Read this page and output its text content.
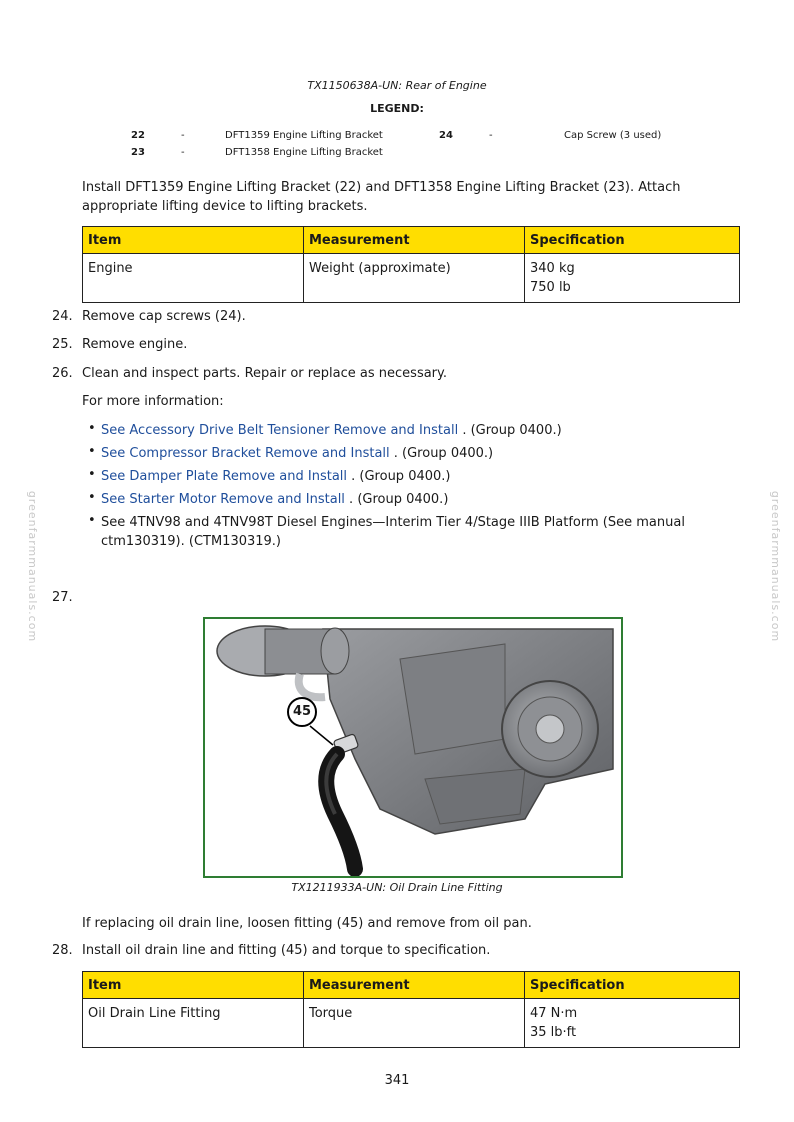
greenfarmmanuals.com	greenfarmmanuals.com
TX1150638A-UN: Rear of Engine
LEGEND:
22	-	DFT1359 Engine Lifting Bracket
23	-	DFT1358 Engine Lifting Bracket
24	-	Cap Screw (3 used)
Install DFT1359 Engine Lifting Bracket (22) and DFT1358 Engine Lifting Bracket (23). Attach appropriate lifting device to lifting brackets.
Item	Measurement	Specification
Engine	Weight (approximate)	340 kg
750 lb
24. Remove cap screws (24).
25. Remove engine.
26. Clean and inspect parts. Repair or replace as necessary.
For more information:
• See Accessory Drive Belt Tensioner Remove and Install . (Group 0400.)
• See Compressor Bracket Remove and Install . (Group 0400.)
• See Damper Plate Remove and Install . (Group 0400.)
• See Starter Motor Remove and Install . (Group 0400.)
• See 4TNV98 and 4TNV98T Diesel Engines—Interim Tier 4/Stage IIIB Platform (See manual ctm130319). (CTM130319.)
27.
45
TX1211933A-UN: Oil Drain Line Fitting
If replacing oil drain line, loosen fitting (45) and remove from oil pan.
28. Install oil drain line and fitting (45) and torque to specification.
Item	Measurement	Specification
Oil Drain Line Fitting	Torque	47 N·m
35 lb·ft
341
